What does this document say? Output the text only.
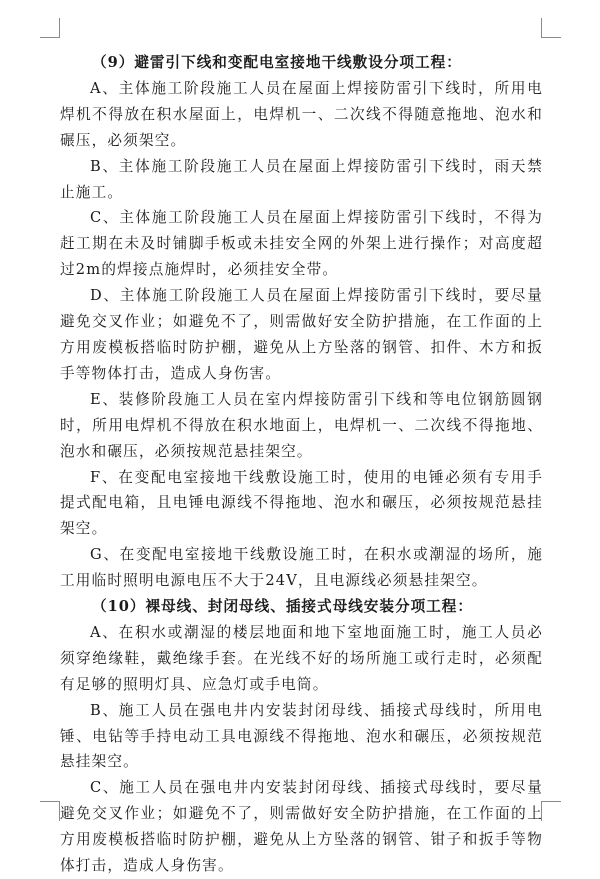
（9）避雷引下线和变配电室接地干线敷设分项工程：

A、主体施工阶段施工人员在屋面上焊接防雷引下线时，所用电焊机不得放在积水屋面上，电焊机一、二次线不得随意拖地、泡水和碾压，必须架空。

B、主体施工阶段施工人员在屋面上焊接防雷引下线时，雨天禁止施工。

C、主体施工阶段施工人员在屋面上焊接防雷引下线时，不得为赶工期在未及时铺脚手板或未挂安全网的外架上进行操作；对高度超过2m的焊接点施焊时，必须挂安全带。

D、主体施工阶段施工人员在屋面上焊接防雷引下线时，要尽量避免交叉作业；如避免不了，则需做好安全防护措施，在工作面的上方用废模板搭临时防护棚，避免从上方坠落的钢管、扣件、木方和扳手等物体打击，造成人身伤害。

E、装修阶段施工人员在室内焊接防雷引下线和等电位钢筋圆钢时，所用电焊机不得放在积水地面上，电焊机一、二次线不得拖地、泡水和碾压，必须按规范悬挂架空。

F、在变配电室接地干线敷设施工时，使用的电锤必须有专用手提式配电箱，且电锤电源线不得拖地、泡水和碾压，必须按规范悬挂架空。

G、在变配电室接地干线敷设施工时，在积水或潮湿的场所，施工用临时照明电源电压不大于24V，且电源线必须悬挂架空。

（10）裸母线、封闭母线、插接式母线安装分项工程：

A、在积水或潮湿的楼层地面和地下室地面施工时，施工人员必须穿绝缘鞋，戴绝缘手套。在光线不好的场所施工或行走时，必须配有足够的照明灯具、应急灯或手电筒。

B、施工人员在强电井内安装封闭母线、插接式母线时，所用电锤、电钻等手持电动工具电源线不得拖地、泡水和碾压，必须按规范悬挂架空。

C、施工人员在强电井内安装封闭母线、插接式母线时，要尽量避免交叉作业；如避免不了，则需做好安全防护措施，在工作面的上方用废模板搭临时防护棚，避免从上方坠落的钢管、钳子和扳手等物体打击，造成人身伤害。
